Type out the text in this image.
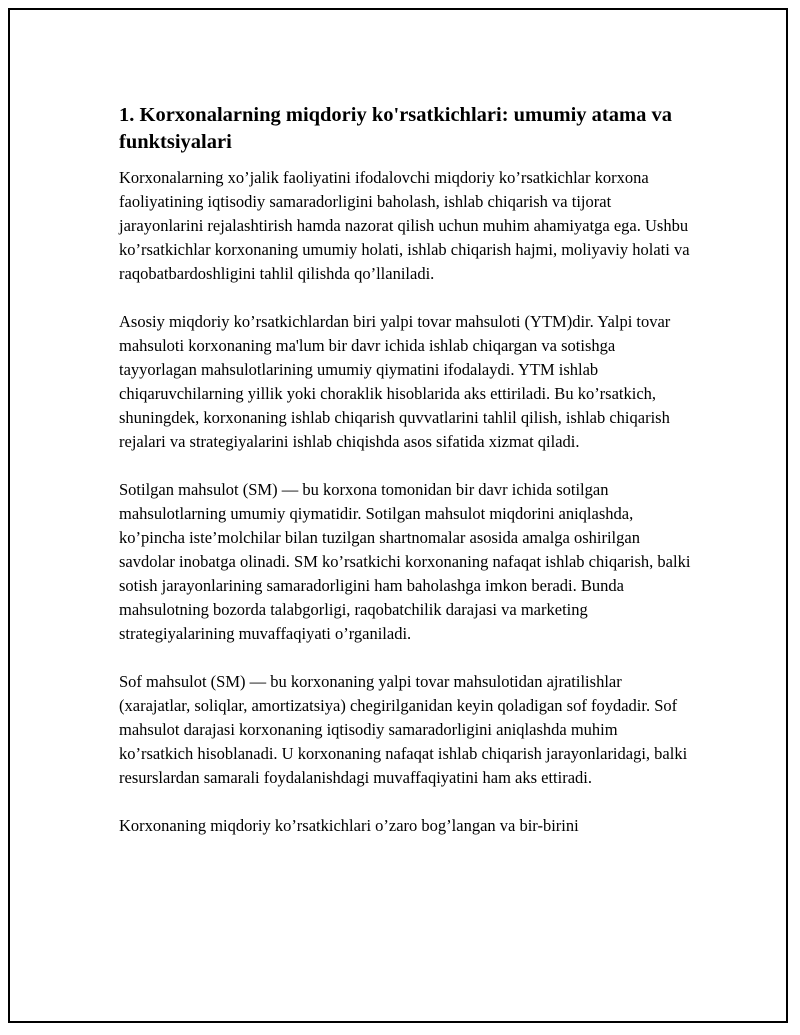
1. Korxonalarning miqdoriy ko'rsatkichlari: umumiy atama va funktsiyalari

Korxonalarning xo’jalik faoliyatini ifodalovchi miqdoriy ko’rsatkichlar korxona faoliyatining iqtisodiy samaradorligini baholash, ishlab chiqarish va tijorat jarayonlarini rejalashtirish hamda nazorat qilish uchun muhim ahamiyatga ega. Ushbu ko’rsatkichlar korxonaning umumiy holati, ishlab chiqarish hajmi, moliyaviy holati va raqobatbardoshligini tahlil qilishda qo’llaniladi.

Asosiy miqdoriy ko’rsatkichlardan biri yalpi tovar mahsuloti (YTM)dir. Yalpi tovar mahsuloti korxonaning ma'lum bir davr ichida ishlab chiqargan va sotishga tayyorlagan mahsulotlarining umumiy qiymatini ifodalaydi. YTM ishlab chiqaruvchilarning yillik yoki choraklik hisoblarida aks ettiriladi. Bu ko’rsatkich, shuningdek, korxonaning ishlab chiqarish quvvatlarini tahlil qilish, ishlab chiqarish rejalari va strategiyalarini ishlab chiqishda asos sifatida xizmat qiladi.

Sotilgan mahsulot (SM) — bu korxona tomonidan bir davr ichida sotilgan mahsulotlarning umumiy qiymatidir. Sotilgan mahsulot miqdorini aniqlashda, ko’pincha iste’molchilar bilan tuzilgan shartnomalar asosida amalga oshirilgan savdolar inobatga olinadi. SM ko’rsatkichi korxonaning nafaqat ishlab chiqarish, balki sotish jarayonlarining samaradorligini ham baholashga imkon beradi. Bunda mahsulotning bozorda talabgorligi, raqobatchilik darajasi va marketing strategiyalarining muvaffaqiyati o’rganiladi.

Sof mahsulot (SM) — bu korxonaning yalpi tovar mahsulotidan ajratilishlar (xarajatlar, soliqlar, amortizatsiya) chegirilganidan keyin qoladigan sof foydadir. Sof mahsulot darajasi korxonaning iqtisodiy samaradorligini aniqlashda muhim ko’rsatkich hisoblanadi. U korxonaning nafaqat ishlab chiqarish jarayonlaridagi, balki resurslardan samarali foydalanishdagi muvaffaqiyatini ham aks ettiradi.

Korxonaning miqdoriy ko’rsatkichlari o’zaro bog’langan va bir-birini
